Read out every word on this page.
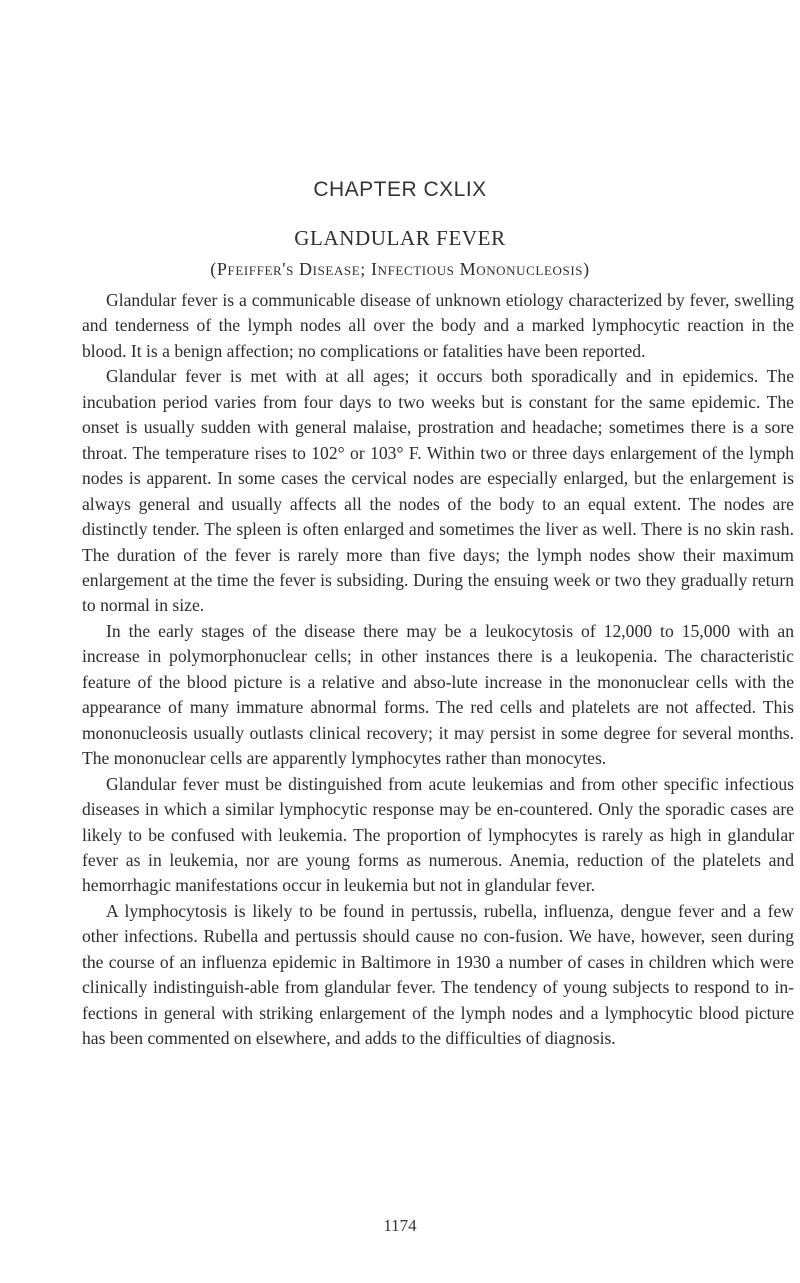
CHAPTER CXLIX
GLANDULAR FEVER
(Pfeiffer's Disease; Infectious Mononucleosis)

Glandular fever is a communicable disease of unknown etiology characterized by fever, swelling and tenderness of the lymph nodes all over the body and a marked lymphocytic reaction in the blood. It is a benign affection; no complications or fatalities have been reported.

Glandular fever is met with at all ages; it occurs both sporadically and in epidemics. The incubation period varies from four days to two weeks but is constant for the same epidemic. The onset is usually sudden with general malaise, prostration and headache; sometimes there is a sore throat. The temperature rises to 102° or 103° F. Within two or three days enlargement of the lymph nodes is apparent. In some cases the cervical nodes are especially enlarged, but the enlargement is always general and usually affects all the nodes of the body to an equal extent. The nodes are distinctly tender. The spleen is often enlarged and sometimes the liver as well. There is no skin rash. The duration of the fever is rarely more than five days; the lymph nodes show their maximum enlargement at the time the fever is subsiding. During the ensuing week or two they gradually return to normal in size.

In the early stages of the disease there may be a leukocytosis of 12,000 to 15,000 with an increase in polymorphonuclear cells; in other instances there is a leukopenia. The characteristic feature of the blood picture is a relative and abso-lute increase in the mononuclear cells with the appearance of many immature abnormal forms. The red cells and platelets are not affected. This mononucleosis usually outlasts clinical recovery; it may persist in some degree for several months. The mononuclear cells are apparently lymphocytes rather than monocytes.

Glandular fever must be distinguished from acute leukemias and from other specific infectious diseases in which a similar lymphocytic response may be en-countered. Only the sporadic cases are likely to be confused with leukemia. The proportion of lymphocytes is rarely as high in glandular fever as in leukemia, nor are young forms as numerous. Anemia, reduction of the platelets and hemorrhagic manifestations occur in leukemia but not in glandular fever.

A lymphocytosis is likely to be found in pertussis, rubella, influenza, dengue fever and a few other infections. Rubella and pertussis should cause no con-fusion. We have, however, seen during the course of an influenza epidemic in Baltimore in 1930 a number of cases in children which were clinically indistinguish-able from glandular fever. The tendency of young subjects to respond to in-fections in general with striking enlargement of the lymph nodes and a lymphocytic blood picture has been commented on elsewhere, and adds to the difficulties of diagnosis.

1174
